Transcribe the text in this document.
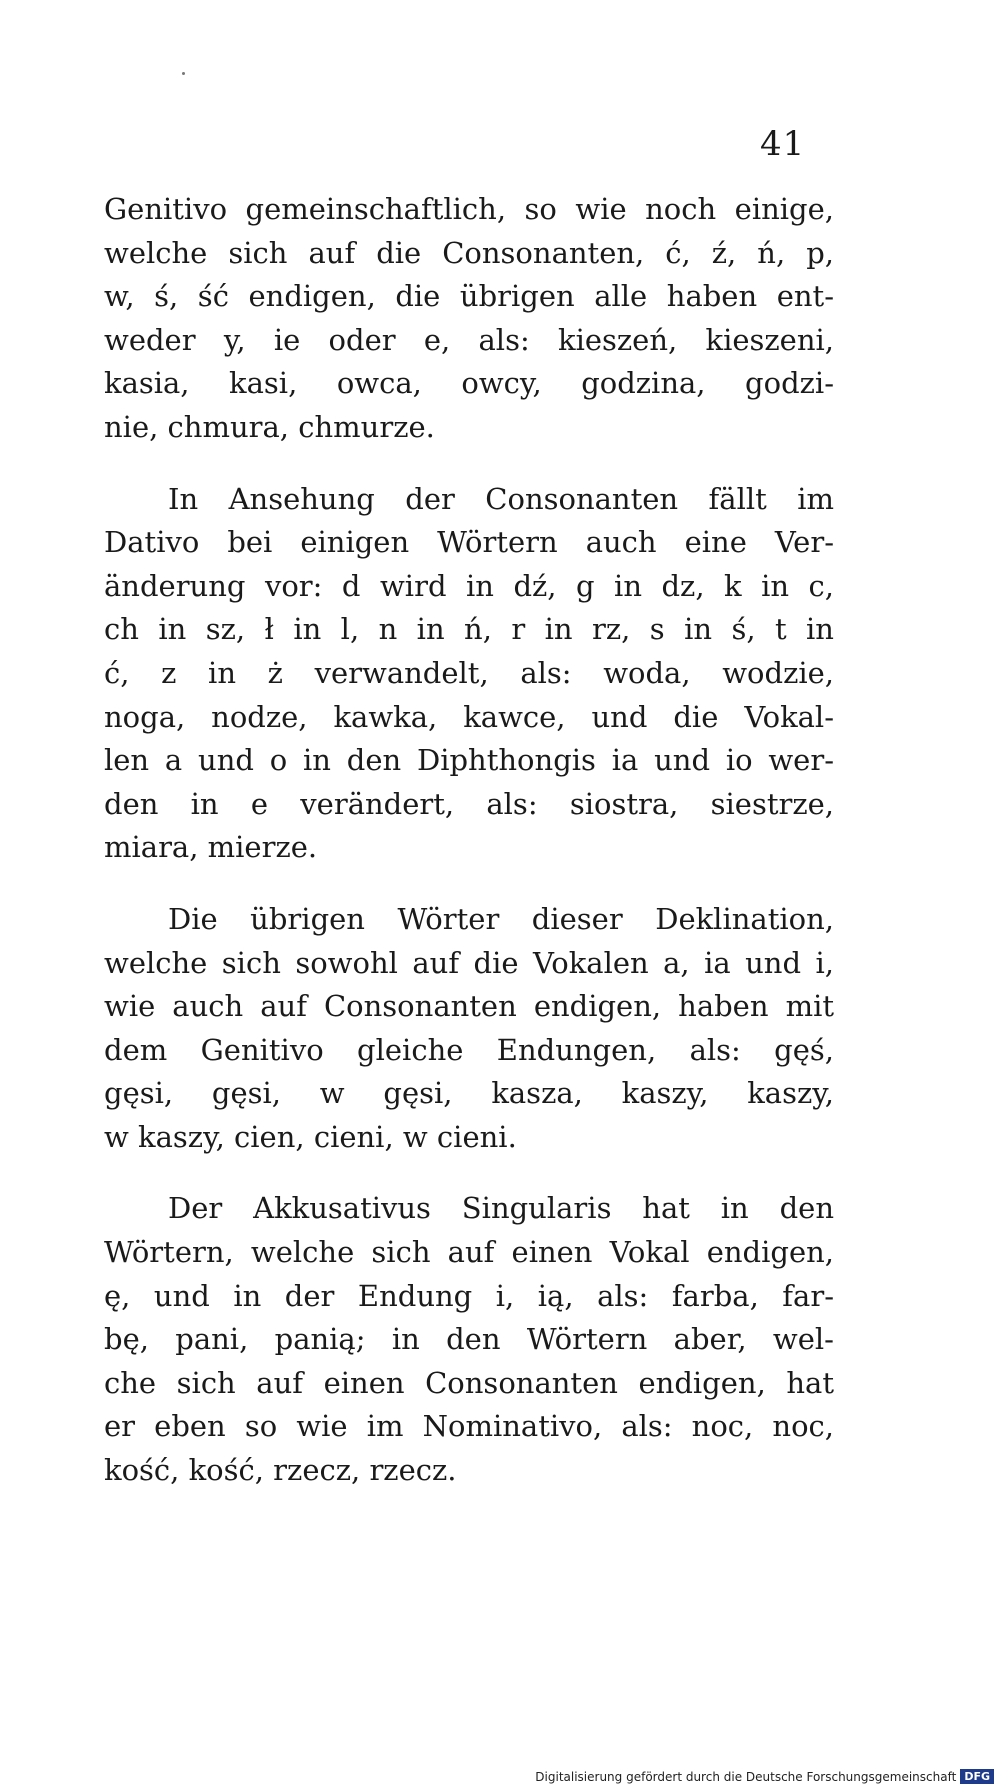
41
Genitivo gemeinschaftlich, so wie noch einige,
welche sich auf die Consonanten, ć, ź, ń, p,
w, ś, ść endigen, die übrigen alle haben ent-
weder y, ie oder e, als: kieszeń, kieszeni,
kasia, kasi, owca, owcy, godzina, godzi-
nie, chmura, chmurze.
In Ansehung der Consonanten fällt im
Dativo bei einigen Wörtern auch eine Ver-
änderung vor: d wird in dź, g in dz, k in c,
ch in sz, ł in l, n in ń, r in rz, s in ś, t in
ć, z in ż verwandelt, als: woda, wodzie,
noga, nodze, kawka, kawce, und die Vokal-
len a und o in den Diphthongis ia und io wer-
den in e verändert, als: siostra, siestrze,
miara, mierze.
Die übrigen Wörter dieser Deklination,
welche sich sowohl auf die Vokalen a, ia und i,
wie auch auf Consonanten endigen, haben mit
dem Genitivo gleiche Endungen, als: gęś,
gęsi, gęsi, w gęsi, kasza, kaszy, kaszy,
w kaszy, cien, cieni, w cieni.
Der Akkusativus Singularis hat in den
Wörtern, welche sich auf einen Vokal endigen,
ę, und in der Endung i, ią, als: farba, far-
bę, pani, panią; in den Wörtern aber, wel-
che sich auf einen Consonanten endigen, hat
er eben so wie im Nominativo, als: noc, noc,
kość, kość, rzecz, rzecz.
Digitalisierung gefördert durch die Deutsche Forschungsgemeinschaft DFG
